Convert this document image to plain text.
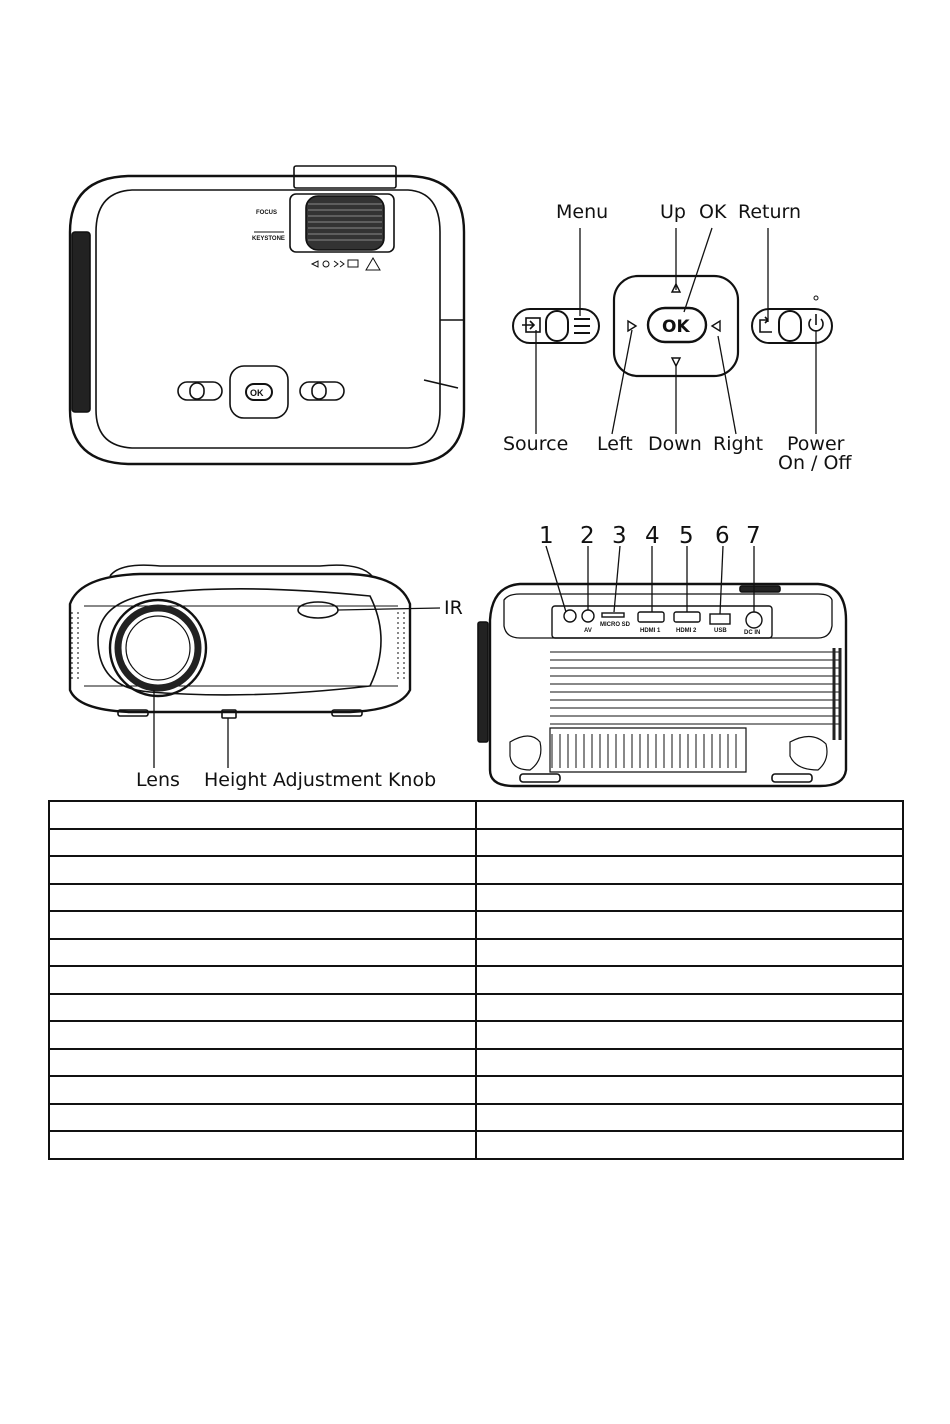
FOCUS
KEYSTONE
OK
OK
Menu	Up OK Return
Source Left Down Right Power
On / Off
IR
Lens Height Adjustment Knob
AV
MICRO SD
HDMI 1	HDMI 2	USB	DC IN
1 2 3 4 5 6 7
